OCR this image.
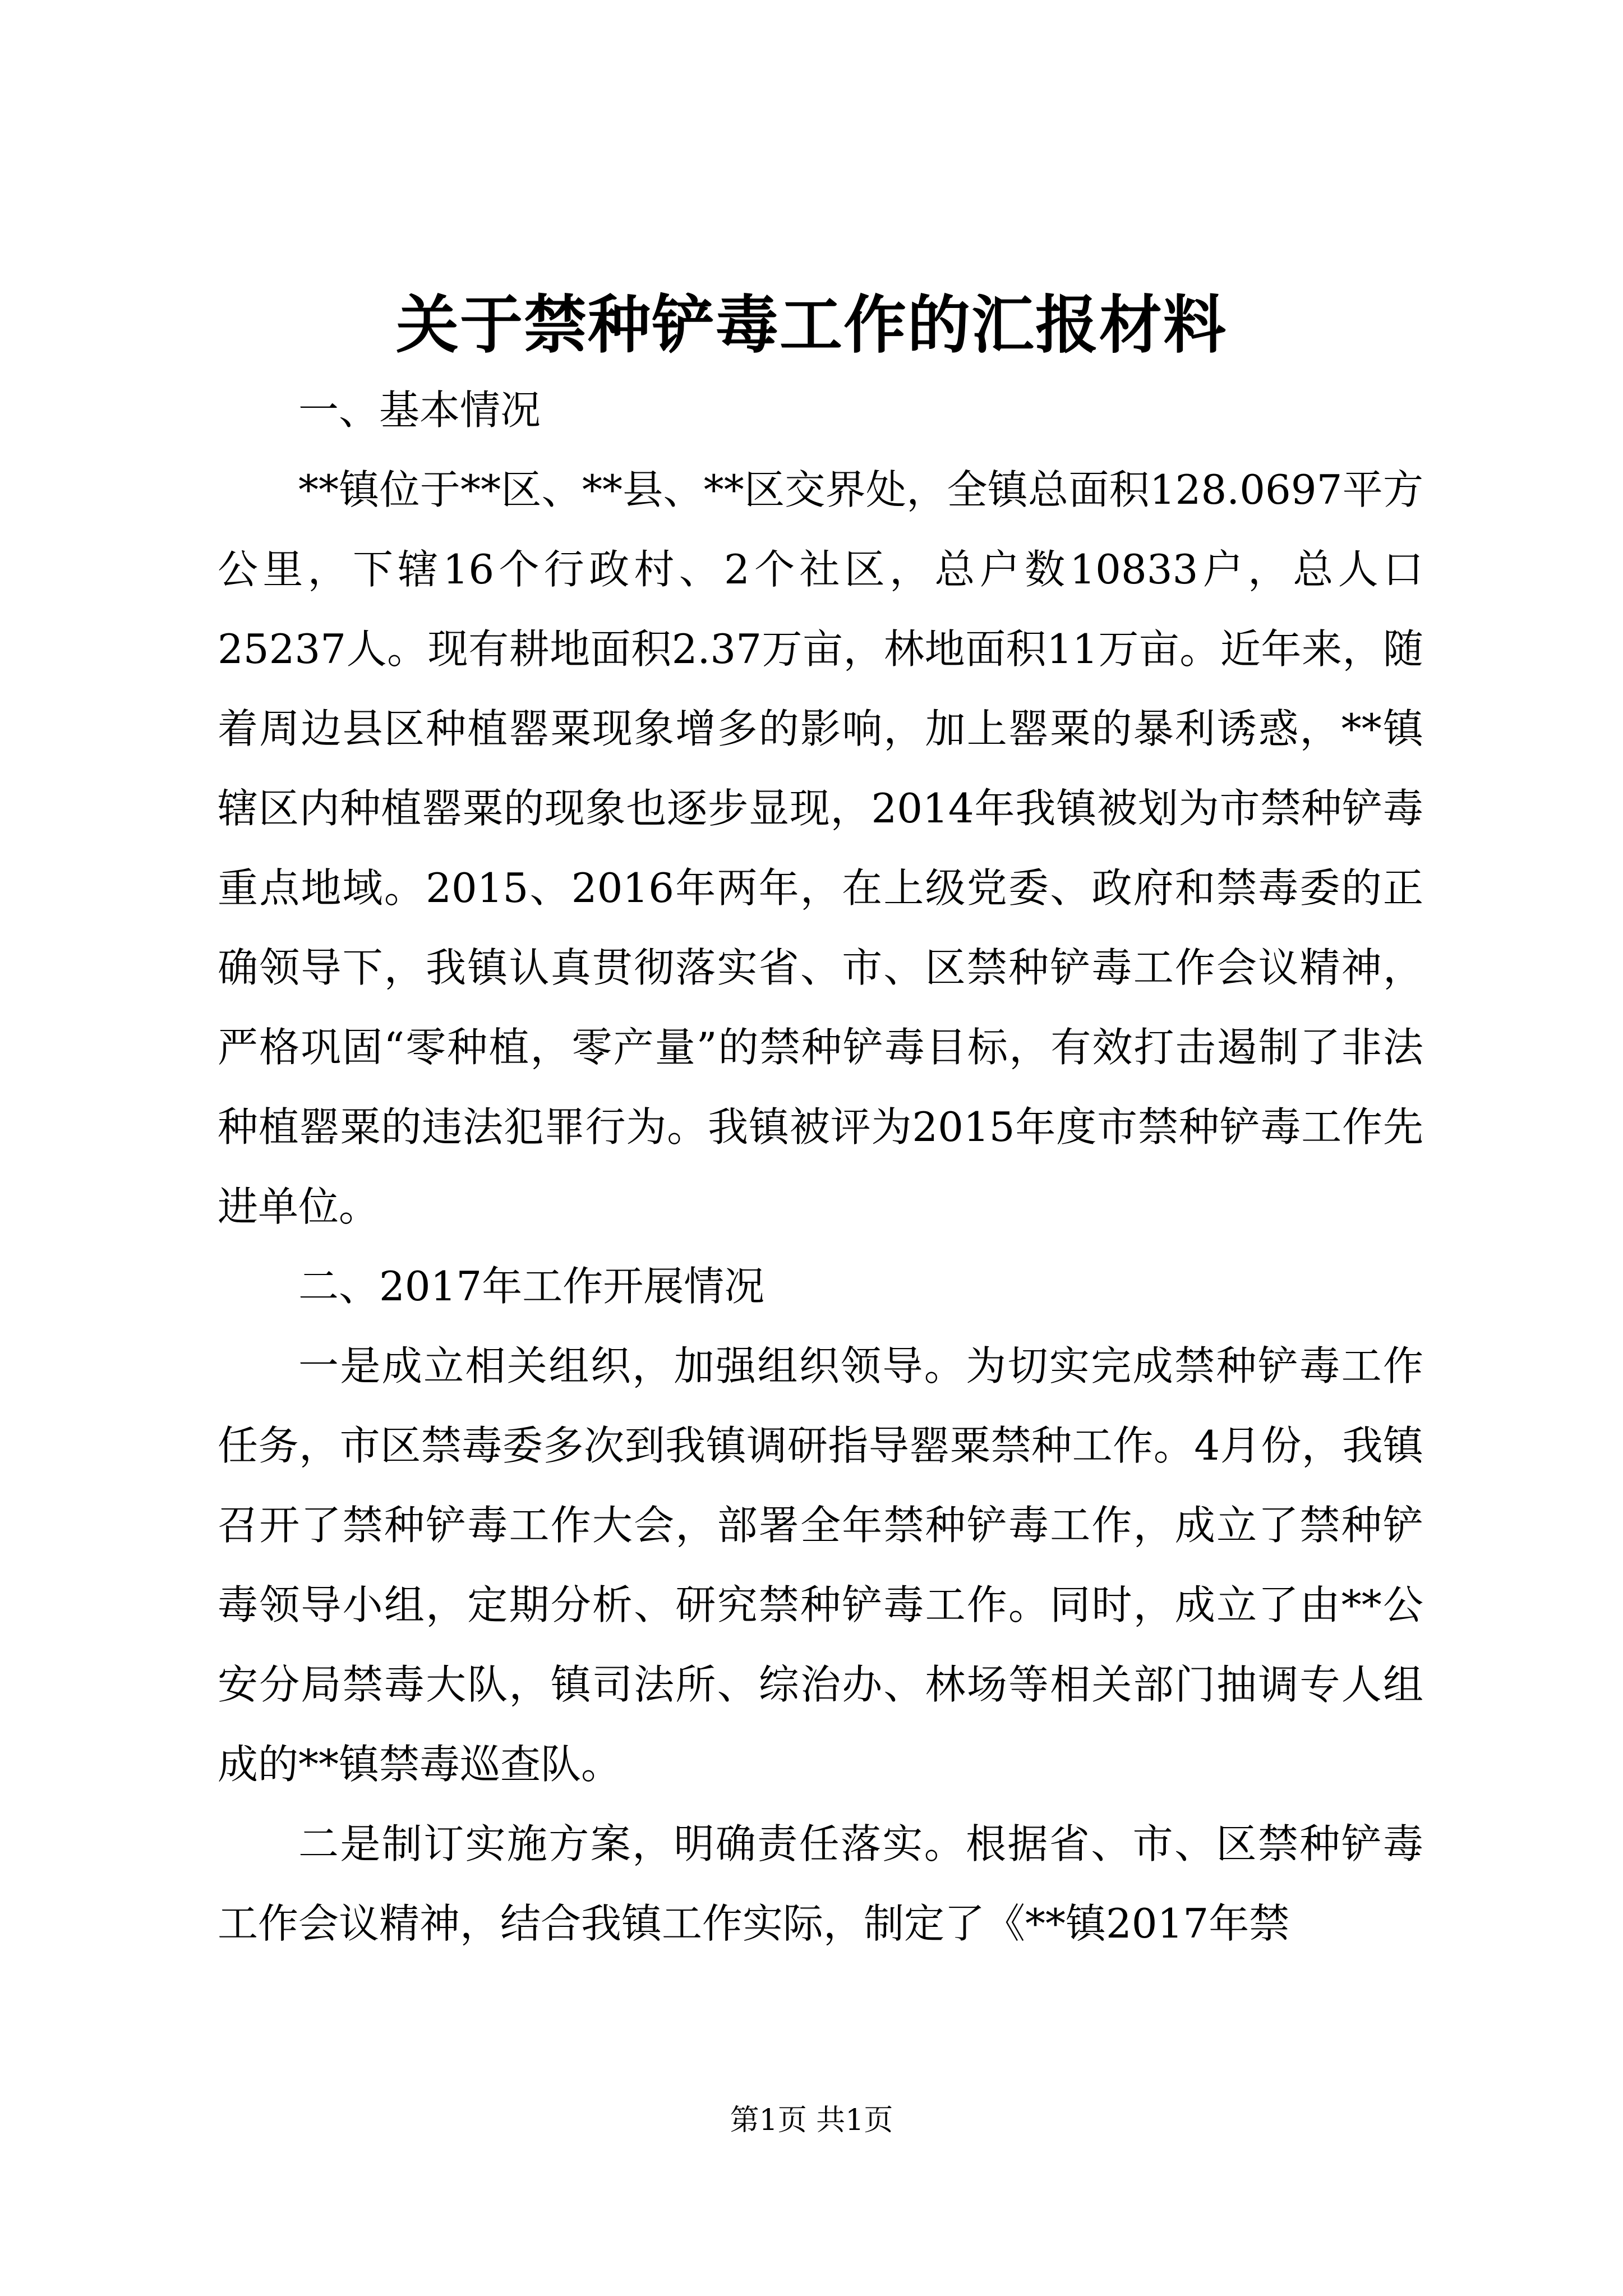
关于禁种铲毒工作的汇报材料

一、基本情况

**镇位于**区、**县、**区交界处，全镇总面积128.0697平方公里，下辖16个行政村、2个社区，总户数10833户，总人口25237人。现有耕地面积2.37万亩，林地面积11万亩。近年来，随着周边县区种植罂粟现象增多的影响，加上罂粟的暴利诱惑，**镇辖区内种植罂粟的现象也逐步显现，2014年我镇被划为市禁种铲毒重点地域。2015、2016年两年，在上级党委、政府和禁毒委的正确领导下，我镇认真贯彻落实省、市、区禁种铲毒工作会议精神，严格巩固“零种植，零产量”的禁种铲毒目标，有效打击遏制了非法种植罂粟的违法犯罪行为。我镇被评为2015年度市禁种铲毒工作先进单位。

二、2017年工作开展情况

一是成立相关组织，加强组织领导。为切实完成禁种铲毒工作任务，市区禁毒委多次到我镇调研指导罂粟禁种工作。4月份，我镇召开了禁种铲毒工作大会，部署全年禁种铲毒工作，成立了禁种铲毒领导小组，定期分析、研究禁种铲毒工作。同时，成立了由**公安分局禁毒大队，镇司法所、综治办、林场等相关部门抽调专人组成的**镇禁毒巡查队。

二是制订实施方案，明确责任落实。根据省、市、区禁种铲毒工作会议精神，结合我镇工作实际，制定了《**镇2017年禁

第1页 共1页
